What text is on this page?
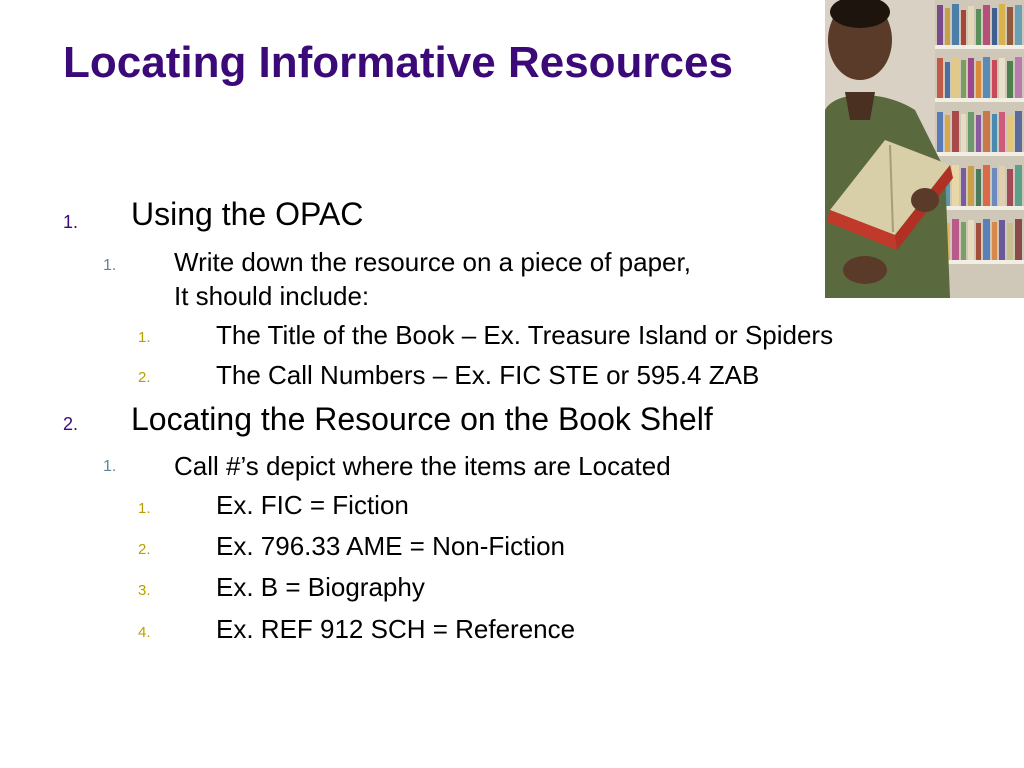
Locating Informative Resources
1. Using the OPAC
1. Write down the resource on a piece of paper,
It should include:
1.	The Title of the Book – Ex. Treasure Island or Spiders
2.	The Call Numbers – Ex. FIC STE or 595.4 ZAB
2. Locating the Resource on the Book Shelf
1. Call #’s depict where the items are Located
1.	Ex. FIC = Fiction
2.	Ex. 796.33 AME = Non-Fiction
3.	Ex. B = Biography
4.	Ex. REF 912 SCH = Reference
